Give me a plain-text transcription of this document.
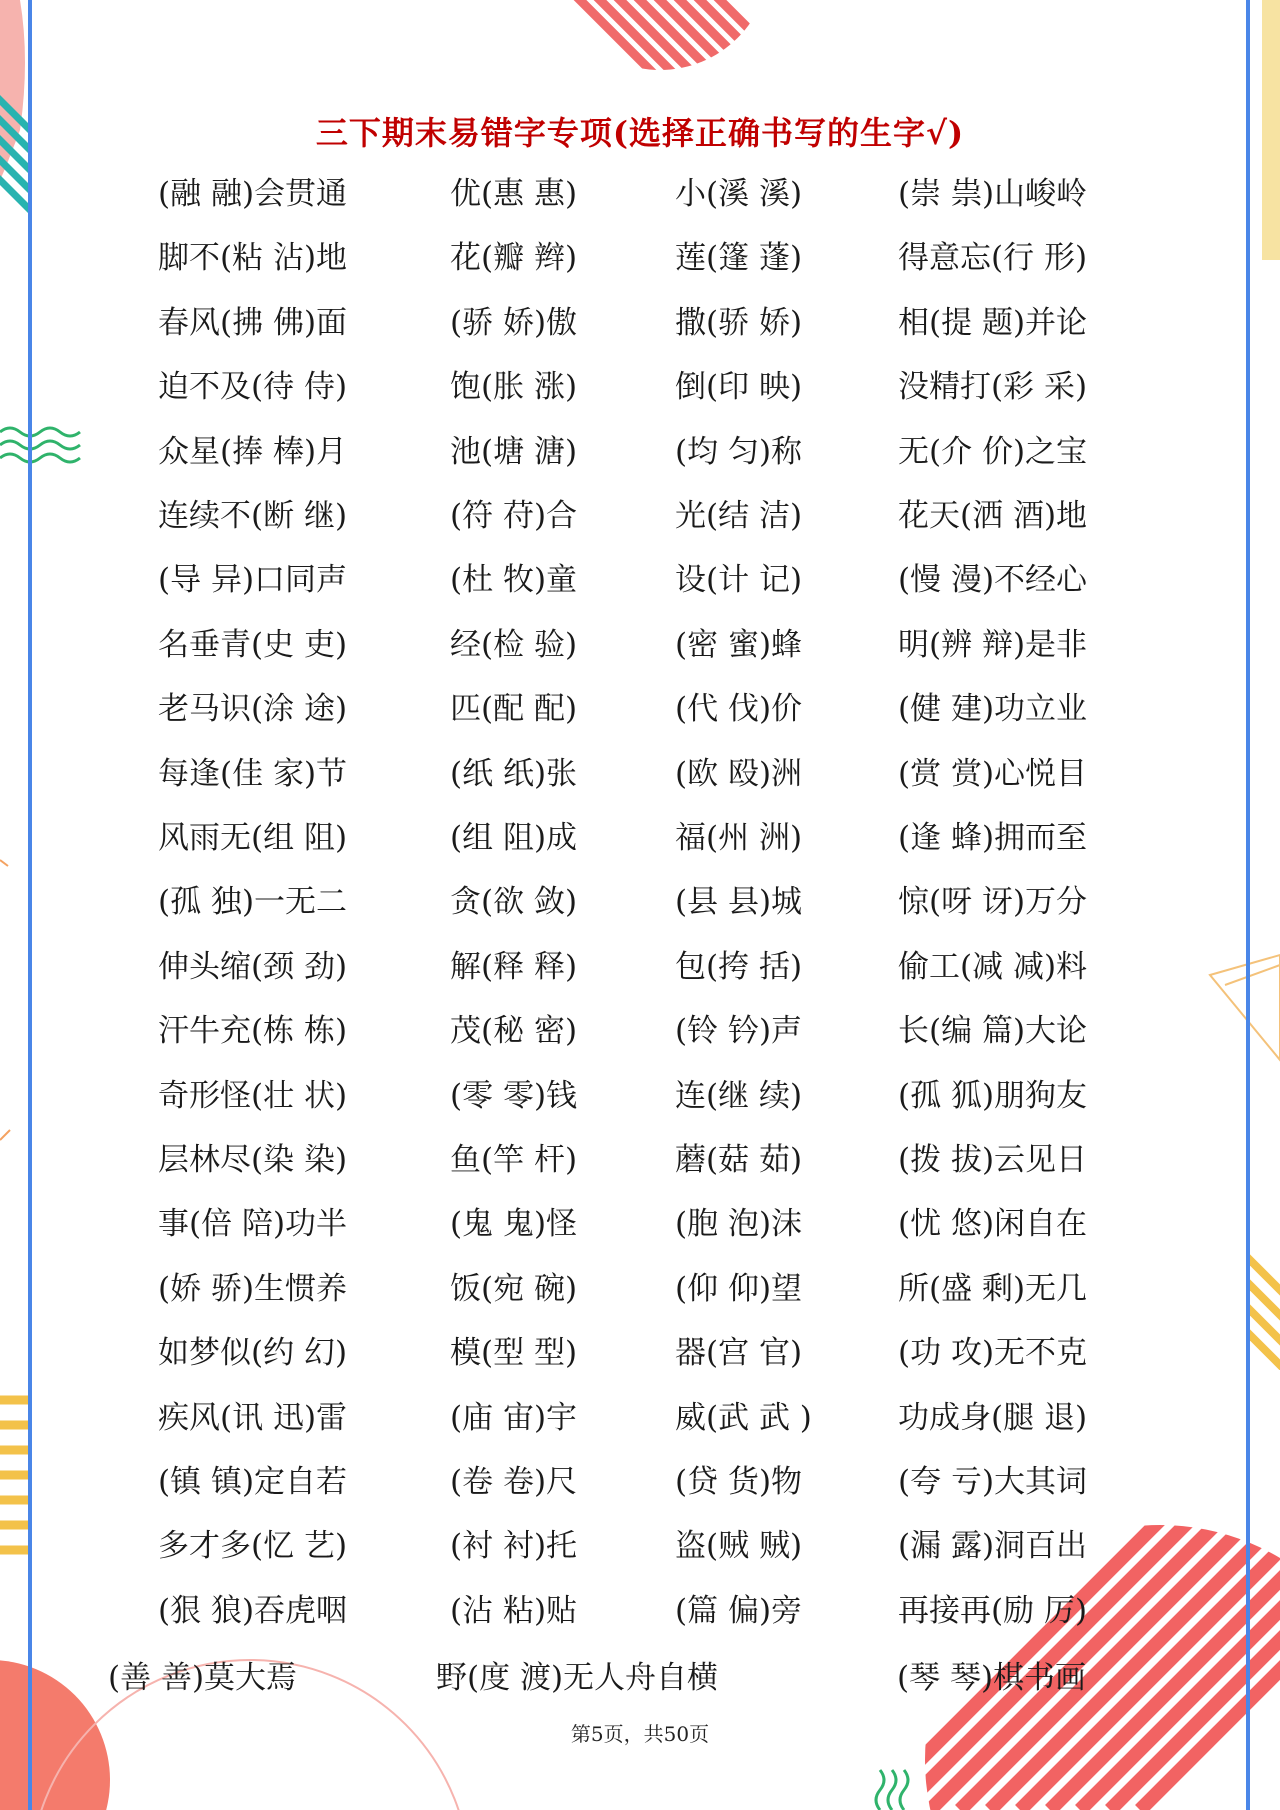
三下期末易错字专项(选择正确书写的生字√)
(融 融)会贯通	优(惠 惠)	小(溪 溪)	(崇 祟)山峻岭
脚不(粘 沾)地	花(瓣 辫)	莲(篷 蓬)	得意忘(行 形)
春风(拂 佛)面	(骄 娇)傲	撒(骄 娇)	相(提 题)并论
迫不及(待 侍)	饱(胀 涨)	倒(印 映)	没精打(彩 采)
众星(捧 棒)月	池(塘 溏)	(均 匀)称	无(介 价)之宝
连续不(断 继)	(符 苻)合	光(结 洁)	花天(洒 酒)地
(导 异)口同声	(杜 牧)童	设(计 记)	(慢 漫)不经心
名垂青(史 吏)	经(检 验)	(密 蜜)蜂	明(辨 辩)是非
老马识(涂 途)	匹(配 配)	(代 伐)价	(健 建)功立业
每逢(佳 家)节	(纸 纸)张	(欧 殴)洲	(赏 赏)心悦目
风雨无(组 阻)	(组 阻)成	福(州 洲)	(逢 蜂)拥而至
(孤 独)一无二	贪(欲 敛)	(县 县)城	惊(呀 讶)万分
伸头缩(颈 劲)	解(释 释)	包(挎 括)	偷工(减 减)料
汗牛充(栋 栋)	茂(秘 密)	(铃 钤)声	长(编 篇)大论
奇形怪(壮 状)	(零 零)钱	连(继 续)	(孤 狐)朋狗友
层林尽(染 染)	鱼(竿 杆)	蘑(菇 茹)	(拨 拔)云见日
事(倍 陪)功半	(鬼 鬼)怪	(胞 泡)沫	(忧 悠)闲自在
(娇 骄)生惯养	饭(宛 碗)	(仰 仰)望	所(盛 剩)无几
如梦似(约 幻)	模(型 型)	器(宫 官)	(功 攻)无不克
疾风(讯 迅)雷	(庙 宙)宇	威(武 武 )	功成身(腿 退)
(镇 镇)定自若	(卷 卷)尺	(贷 货)物	(夸 亏)大其词
多才多(忆 艺)	(衬 衬)托	盗(贼 贼)	(漏 露)洞百出
(狠 狼)吞虎咽	(沾 粘)贴	(篇 偏)旁	再接再(励 厉)
(善 善)莫大焉	野(度 渡)无人舟自横	(琴 琴)棋书画
第5页，共50页
